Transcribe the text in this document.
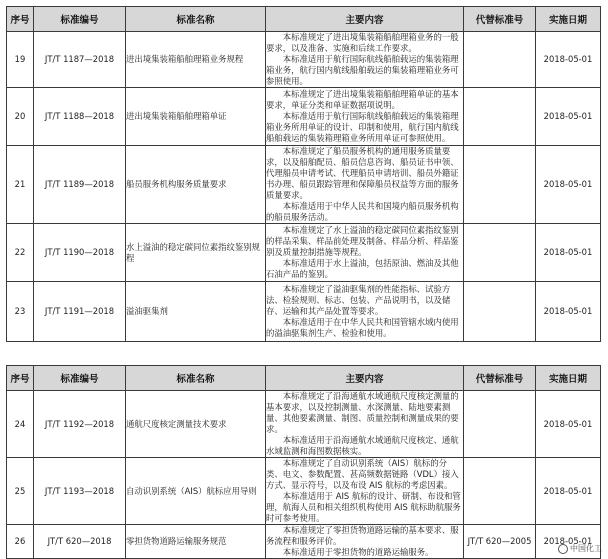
序号	标准编号	标准名称	主要内容	代替标准号	实施日期
19	JT/T 1187—2018	进出境集装箱船舶理箱业务规程	本标准规定了进出境集装箱船舶理箱业务的一般要求，以及准备、实施和后续工作要求。

本标准适用于航行国际航线船舶载运的集装箱理箱业务，航行国内航线船舶载运的集装箱理箱业务可参照使用。		2018-05-01
20	JT/T 1188—2018	进出境集装箱船舶理箱单证	本标准规定了进出境集装箱船舶理箱单证的基本要求，单证分类和单证数据项说明。

本标准适用于航行国际航线船舶载运的集装箱理箱业务所用单证的设计、印制和使用，航行国内航线船舶载运的集装箱理箱业务所用单证可参照使用。		2018-05-01
21	JT/T 1189—2018	船员服务机构服务质量要求	本标准规定了船员服务机构的通用服务质量要求，以及船舶配员、船员信息咨询、船员证书申领、代理船员申请考试、代理船员申请培训、船员外籍证书办理、船员跟踪管理和保障船员权益等方面的服务质量要求。

本标准适用于中华人民共和国境内船员服务机构的船员服务活动。		2018-05-01
22	JT/T 1190—2018	水上溢油的稳定碳同位素指纹鉴别规程	本标准规定了水上溢油的稳定碳同位素指纹鉴别的样品采集、样品前处理及制备、样品分析、样品鉴别及质量控制措施等规程。

本标准适用于水上溢油，包括原油、燃油及其他石油产品的鉴别。		2018-05-01
23	JT/T 1191—2018	溢油驱集剂	本标准规定了溢油驱集剂的性能指标、试验方法、检验规则、标志、包装、产品说明书，以及储存、运输和其产品处置等要求。

本标准适用于在中华人民共和国管辖水域内使用的溢油驱集剂生产、检验和使用。		2018-05-01
序号	标准编号	标准名称	主要内容	代替标准号	实施日期
24	JT/T 1192—2018	通航尺度核定测量技术要求	本标准规定了沿海通航水域通航尺度核定测量的基本要求，以及控制测量、水深测量、陆地要素测量、其他要素测量、制图、质量控制和测量成果的要求。

本标准适用于沿海通航水域通航尺度核定、通航水域监测和海图数据核实。		2018-05-01
25	JT/T 1193—2018	自动识别系统（AIS）航标应用导则	本标准规定了自动识别系统（AIS）航标的分类、电文、参数配置、甚高频数据链路（VDL）接入方式、显示符号，以及布设 AIS 航标的考虑因素。

本标准适用于 AIS 航标的设计、研制、布设和管理，航海人员和相关组织机构使用 AIS 航标助航服务时可参考使用。		2018-05-01
26	JT/T 620—2018	零担货物道路运输服务规范	本标准规定了零担货物道路运输的基本要求、服务流程和服务评价。

本标准适用于零担货物的道路运输服务。	JT/T 620—2005	2018-05-01
中国化工
